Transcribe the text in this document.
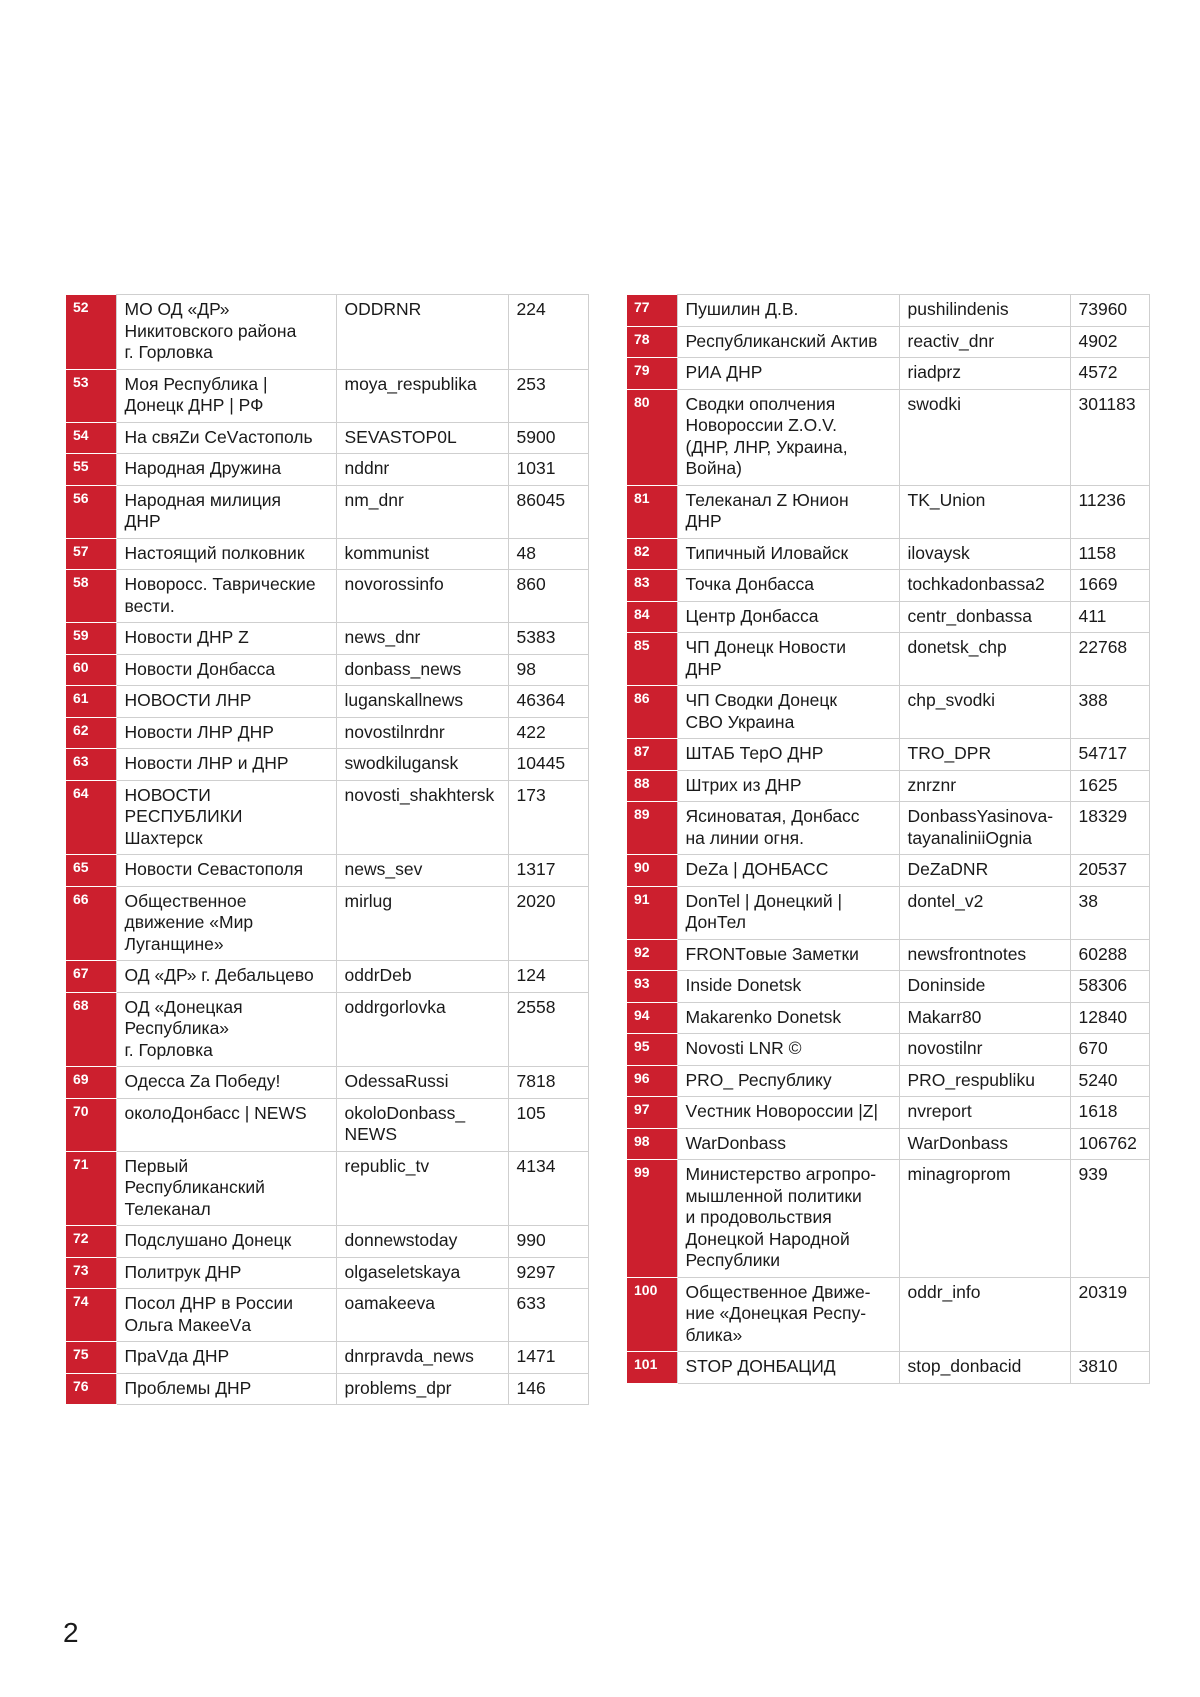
52	МО ОД «ДР»
Никитовского района
г. Горловка	ODDRNR	224
53	Моя Республика |
Донецк ДНР | РФ	moya_respublika	253
54	На свяZи CeVастополь	SEVASTOP0L	5900
55	Народная Дружина	nddnr	1031
56	Народная милиция
ДНР	nm_dnr	86045
57	Настоящий полковник	kommunist	48
58	Новоросс. Таврические
вести.	novorossinfo	860
59	Новости ДНР Z	news_dnr	5383
60	Новости Донбасса	donbass_news	98
61	НОВОСТИ ЛНР	luganskallnews	46364
62	Новости ЛНР ДНР	novostilnrdnr	422
63	Новости ЛНР и ДНР	swodkilugansk	10445
64	НОВОСТИ
РЕСПУБЛИКИ
Шахтерск	novosti_shakhtersk	173
65	Новости Севастополя	news_sev	1317
66	Общественное
движение «Мир
Луганщине»	mirlug	2020
67	ОД «ДР» г. Дебальцево	oddrDeb	124
68	ОД «Донецкая
Республика»
г. Горловка	oddrgorlovka	2558
69	Одесса Za Победу!	OdessaRussi	7818
70	околоДонбасс | NEWS	okoloDonbass_
NEWS	105
71	Первый
Республиканский
Телеканал	republic_tv	4134
72	Подслушано Донецк	donnewstoday	990
73	Политрук ДНР	olgaseletskaya	9297
74	Посол ДНР в России
Ольга МакееVа	oamakeeva	633
75	ПраVда ДНР	dnrpravda_news	1471
76	Проблемы ДНР	problems_dpr	146
77	Пушилин Д.В.	pushilindenis	73960
78	Республиканский Актив	reactiv_dnr	4902
79	РИА ДНР	riadprz	4572
80	Сводки ополчения
Новороссии Z.O.V.
(ДНР, ЛНР, Украина,
Война)	swodki	301183
81	Телеканал Z Юнион
ДНР	TK_Union	11236
82	Типичный Иловайск	ilovaysk	1158
83	Точка Донбасса	tochkadonbassa2	1669
84	Центр Донбасса	centr_donbassa	411
85	ЧП Донецк Новости
ДНР	donetsk_chp	22768
86	ЧП Сводки Донецк
СВО Украина	chp_svodki	388
87	ШТАБ ТерО ДНР	TRO_DPR	54717
88	Штрих из ДНР	znrznr	1625
89	Ясиноватая, Донбасс
на линии огня.	DonbassYasinova-
tayanaliniiOgnia	18329
90	DeZa | ДОНБАСС	DeZaDNR	20537
91	DonTel | Донецкий |
ДонТел	dontel_v2	38
92	FRONTовые Заметки	newsfrontnotes	60288
93	Inside Donetsk	Doninside	58306
94	Makarenko Donetsk	Makarr80	12840
95	Novosti LNR ©	novostilnr	670
96	PRO_ Республику	PRO_respubliku	5240
97	Vестник Новороссии |Z|	nvreport	1618
98	WarDonbass	WarDonbass	106762
99	Министерство агропро-
мышленной политики
и продовольствия
Донецкой Народной
Республики	minagroprom	939
100	Общественное Движе-
ние «Донецкая Респу-
блика»	oddr_info	20319
101	STOP ДОНБАЦИД	stop_donbacid	3810
2
